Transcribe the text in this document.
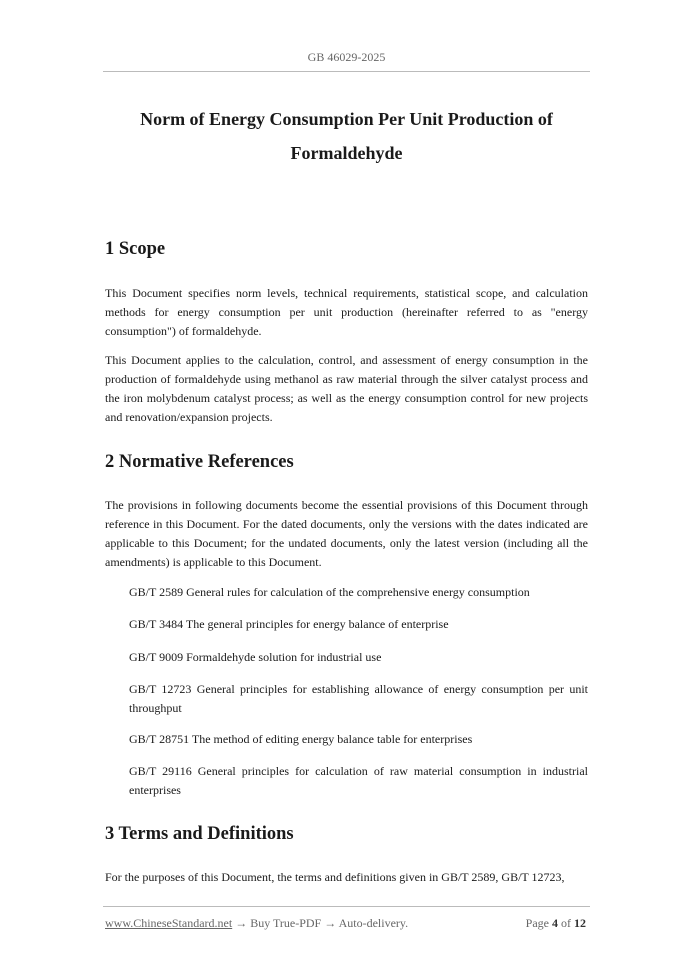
GB 46029-2025
Norm of Energy Consumption Per Unit Production of
Formaldehyde
1 Scope

This Document specifies norm levels, technical requirements, statistical scope, and calculation methods for energy consumption per unit production (hereinafter referred to as "energy consumption") of formaldehyde.

This Document applies to the calculation, control, and assessment of energy consumption in the production of formaldehyde using methanol as raw material through the silver catalyst process and the iron molybdenum catalyst process; as well as the energy consumption control for new projects and renovation/expansion projects.

2 Normative References

The provisions in following documents become the essential provisions of this Document through reference in this Document. For the dated documents, only the versions with the dates indicated are applicable to this Document; for the undated documents, only the latest version (including all the amendments) is applicable to this Document.

GB/T 2589 General rules for calculation of the comprehensive energy consumption

GB/T 3484 The general principles for energy balance of enterprise

GB/T 9009 Formaldehyde solution for industrial use

GB/T 12723 General principles for establishing allowance of energy consumption per unit throughput

GB/T 28751 The method of editing energy balance table for enterprises

GB/T 29116 General principles for calculation of raw material consumption in industrial enterprises

3 Terms and Definitions

For the purposes of this Document, the terms and definitions given in GB/T 2589, GB/T 12723,

www.ChineseStandard.net → Buy True-PDF → Auto-delivery.	Page 4 of 12
